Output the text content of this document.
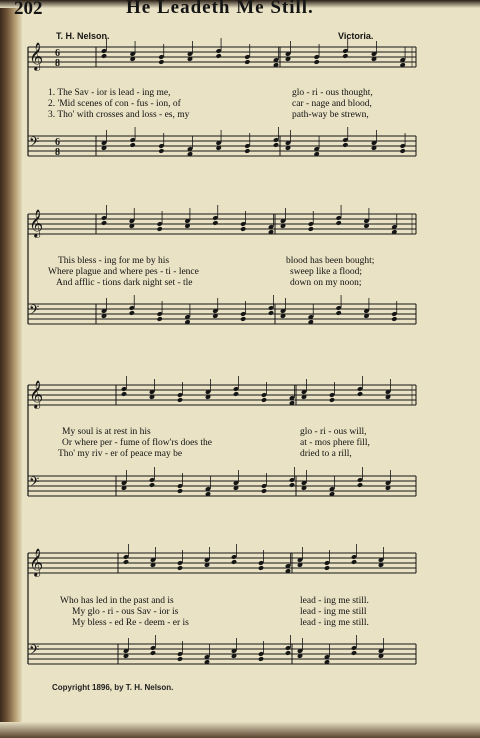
202	He Leadeth Me Still.
T. H. Nelson.	Victoria.
𝄞 6
8
𝄢 6
8
𝄞
𝄢
𝄞
𝄢
𝄞
𝄢

1. The Sav - ior is lead - ing me,

	glo - ri - ous thought,

2. 'Mid scenes of con - fus - ion, of

	car - nage and blood,

3. Tho' with crosses and loss - es, my

	path-way be strewn,

This bless - ing for me by his

	blood has been bought;

Where plague and where pes - ti - lence

	sweep like a flood;

And afflic - tions dark night set - tle

	down on my noon;

My soul is at rest in his

	glo - ri - ous will,

Or where per - fume of flow'rs does the

	at - mos phere fill,

Tho' my riv - er of peace may be

	dried to a rill,

Who has led in the past and is

	lead - ing me still.

My glo - ri - ous Sav - ior is

	lead - ing me still

My bless - ed Re - deem - er is

	lead - ing me still.

Copyright 1896, by T. H. Nelson.
